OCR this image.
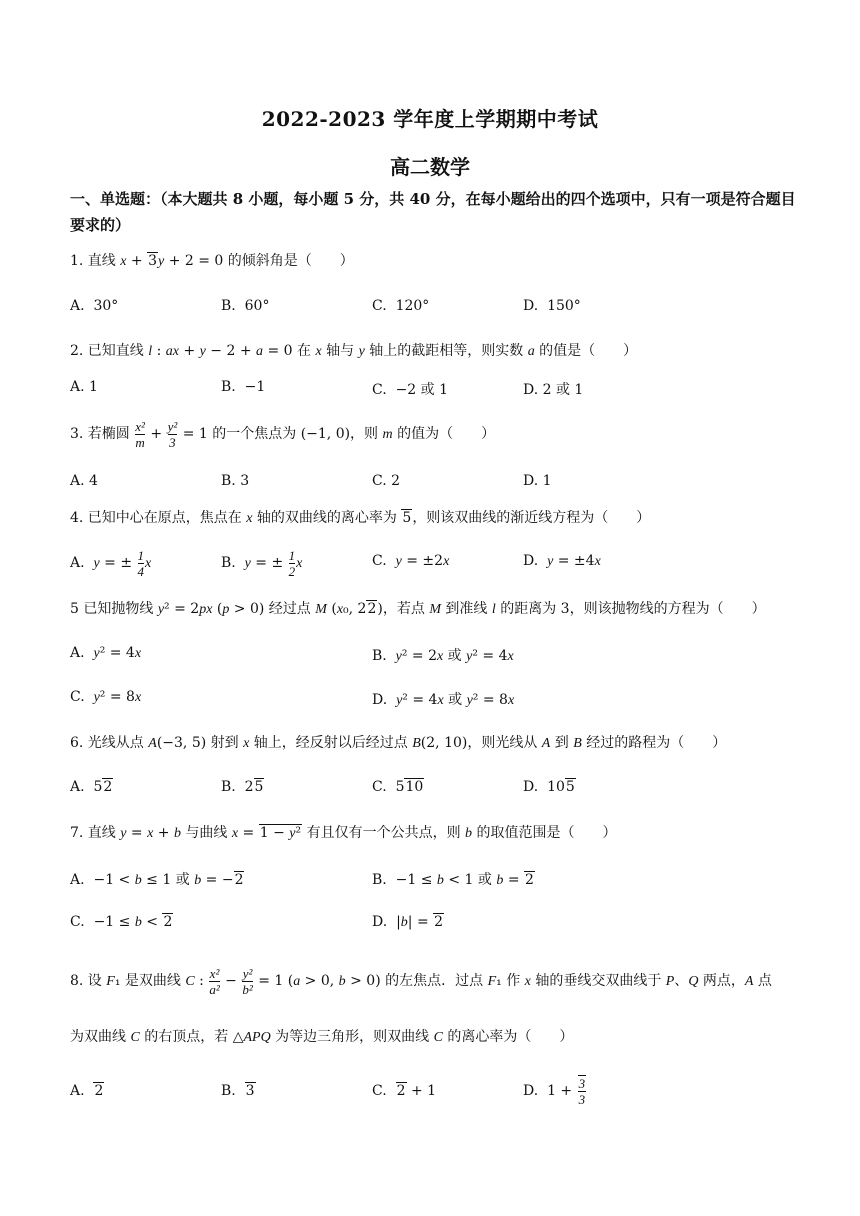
2022-2023 学年度上学期期中考试
高二数学
一、单选题：（本大题共 8 小题，每小题 5 分，共 40 分，在每小题给出的四个选项中，只有一项是符合题目要求的）
1. 直线 x + 3y + 2 = 0 的倾斜角是（　　）
A.  30°	B.  60°	C.  120°	D.  150°
2. 已知直线 l : ax + y − 2 + a = 0 在 x 轴与 y 轴上的截距相等，则实数 a 的值是（　　）
A. 1	B.  −1	C.  −2 或 1	D. 2 或 1
3. 若椭圆 $\frac{\text{x²}}{m} + \frac{\text{y²}}{3} = 1$ 的一个焦点为 (−1, 0)，则 m 的值为（　　）
A. 4	B. 3	C. 2	D. 1
4. 已知中心在原点，焦点在 x 轴的双曲线的离心率为 5，则该双曲线的渐近线方程为（　　）
A.  y = ± $\frac{1}{4}$ x	B.  y = ± $\frac{1}{2}$ x	C.  y = ±2x	D.  y = ±4x
5 已知抛物线 y² = 2px (p > 0) 经过点 M (x₀, 22)，若点 M 到准线 l 的距离为 3，则该抛物线的方程为（　　）
A.  y² = 4x	B.  y² = 2x 或 y² = 4x
C.  y² = 8x	D.  y² = 4x 或 y² = 8x
6. 光线从点 A(−3, 5) 射到 x 轴上，经反射以后经过点 B(2, 10)，则光线从 A 到 B 经过的路程为（　　）
A.  52	B.  25	C.  510	D.  105
7. 直线 y = x + b 与曲线 x = 1 − y² 有且仅有一个公共点，则 b 的取值范围是（　　）
A.  −1 < b ≤ 1 或 b = −2	B.  −1 ≤ b < 1 或 b = 2
C.  −1 ≤ b < 2	D.  |b| = 2
8. 设 F₁ 是双曲线 C : $\frac{\text{x²}}{\text{a²}} - \frac{\text{y²}}{\text{b²}} = 1$ (a > 0, b > 0) 的左焦点．过点 F₁ 作 x 轴的垂线交双曲线于 P、Q 两点，A 点
为双曲线 C 的右顶点，若 △APQ 为等边三角形，则双曲线 C 的离心率为（　　）
A.  2	B.  3	C.  2 + 1	D.  $1 + \frac{3}{3}$
